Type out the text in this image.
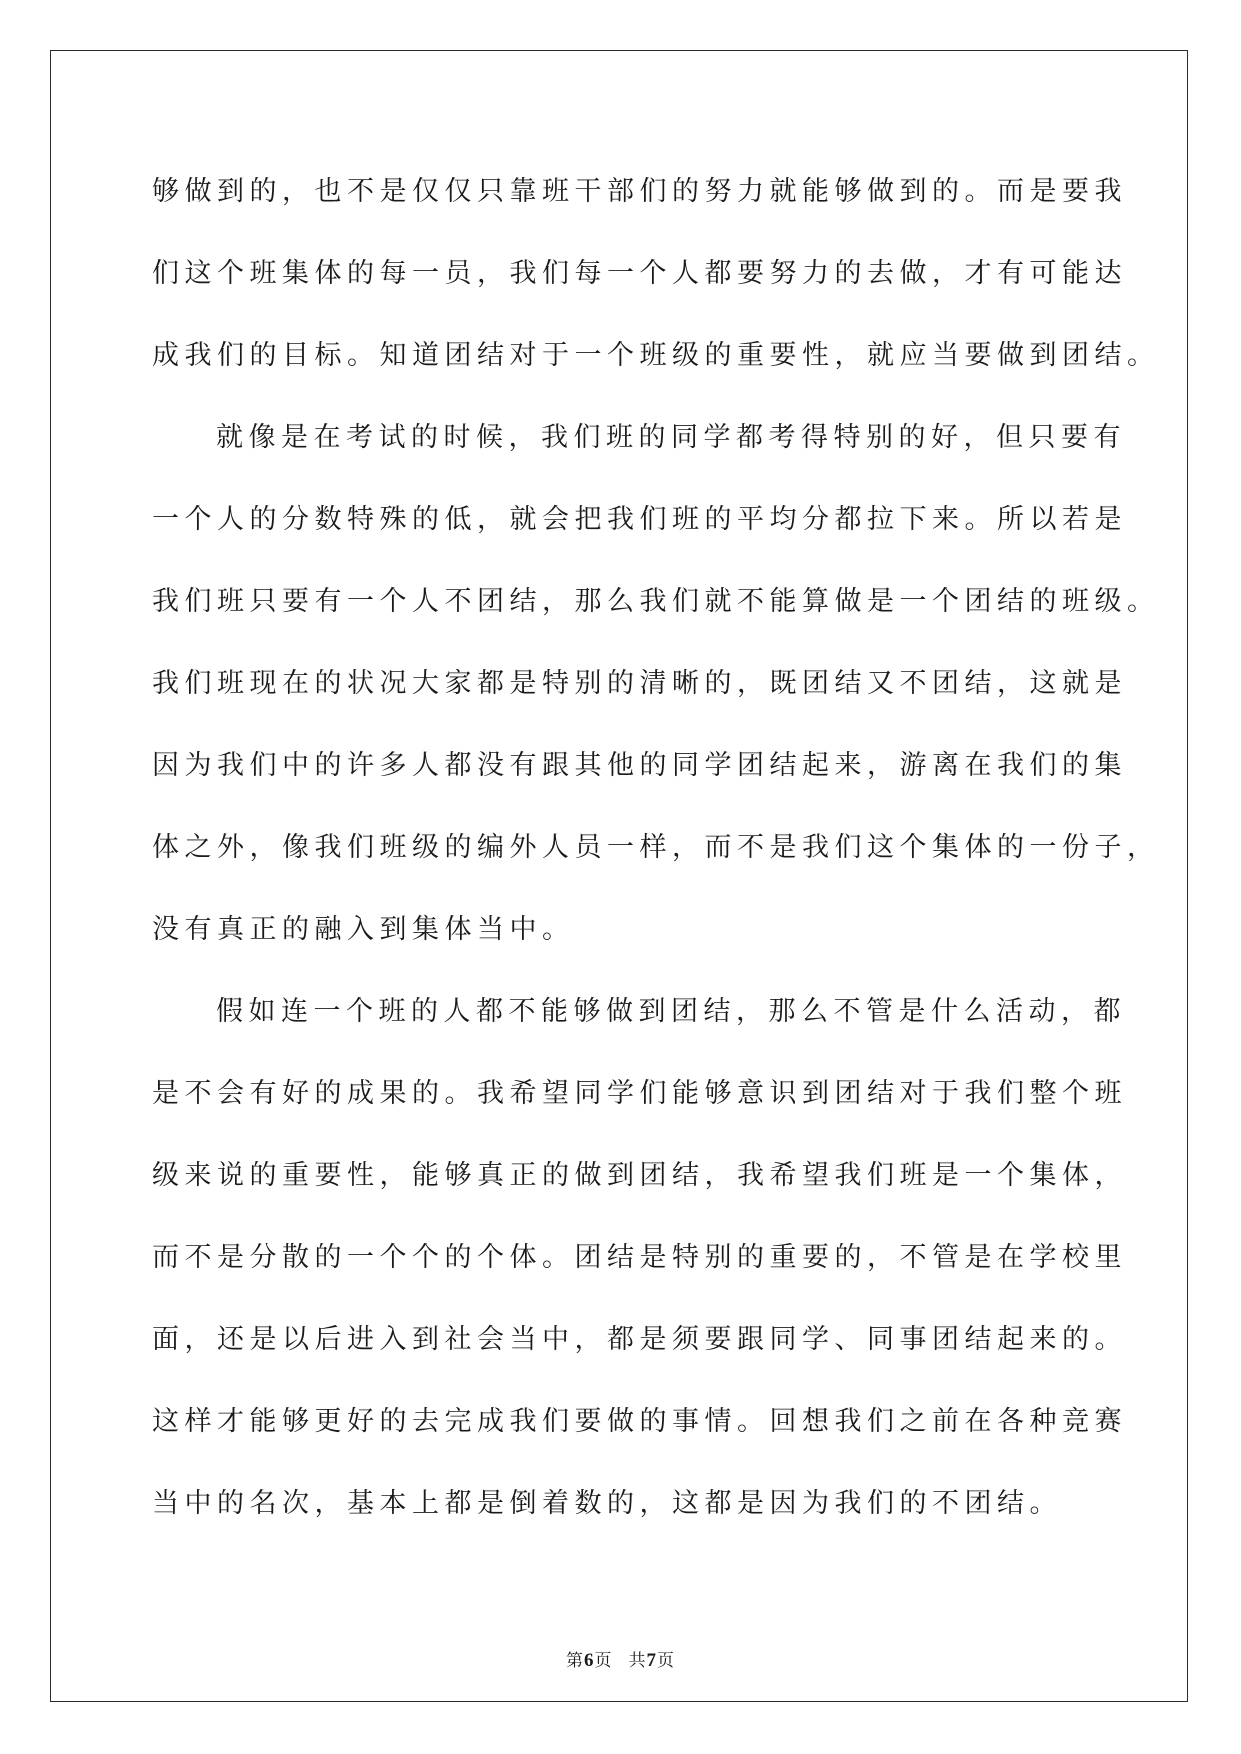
够做到的，也不是仅仅只靠班干部们的努力就能够做到的。而是要我
们这个班集体的每一员，我们每一个人都要努力的去做，才有可能达
成我们的目标。知道团结对于一个班级的重要性，就应当要做到团结。
就像是在考试的时候，我们班的同学都考得特别的好，但只要有
一个人的分数特殊的低，就会把我们班的平均分都拉下来。所以若是
我们班只要有一个人不团结，那么我们就不能算做是一个团结的班级。
我们班现在的状况大家都是特别的清晰的，既团结又不团结，这就是
因为我们中的许多人都没有跟其他的同学团结起来，游离在我们的集
体之外，像我们班级的编外人员一样，而不是我们这个集体的一份子，
没有真正的融入到集体当中。
假如连一个班的人都不能够做到团结，那么不管是什么活动，都
是不会有好的成果的。我希望同学们能够意识到团结对于我们整个班
级来说的重要性，能够真正的做到团结，我希望我们班是一个集体，
而不是分散的一个个的个体。团结是特别的重要的，不管是在学校里
面，还是以后进入到社会当中，都是须要跟同学、同事团结起来的。
这样才能够更好的去完成我们要做的事情。回想我们之前在各种竞赛
当中的名次，基本上都是倒着数的，这都是因为我们的不团结。
第6页 共7页
